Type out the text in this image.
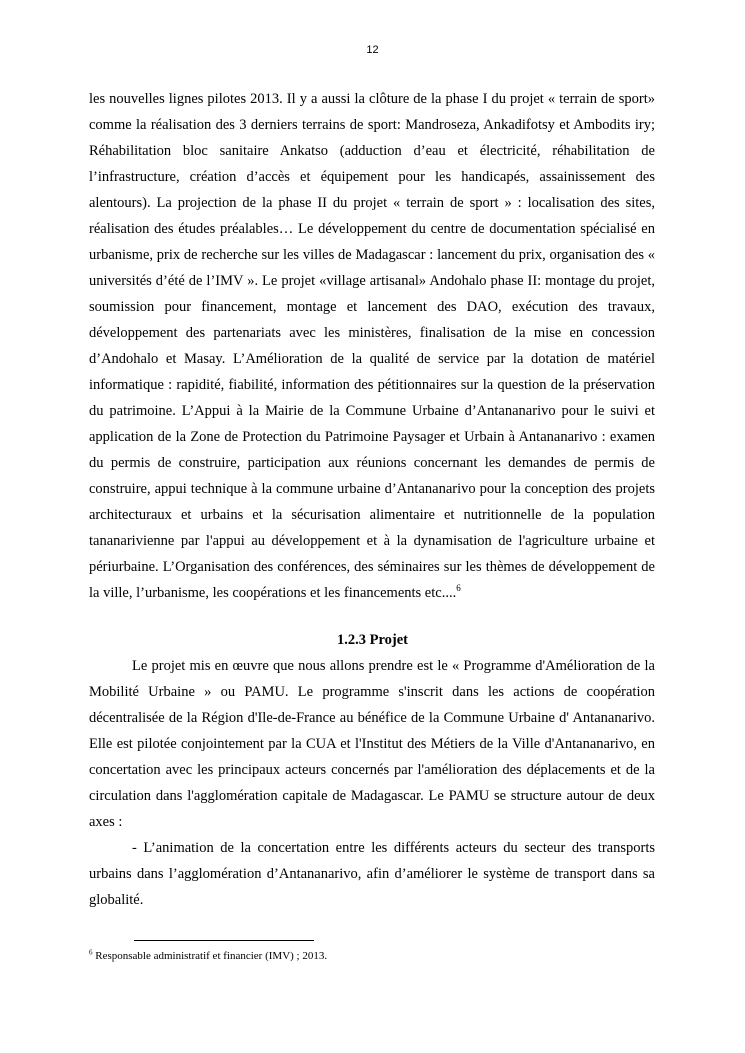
12

les nouvelles lignes pilotes 2013. Il y a aussi la clôture de la phase I du projet « terrain de sport» comme la réalisation des 3 derniers terrains de sport: Mandroseza, Ankadifotsy et Ambodits iry; Réhabilitation bloc sanitaire Ankatso (adduction d’eau et électricité, réhabilitation de l’infrastructure, création d’accès et équipement pour les handicapés, assainissement des alentours). La projection de la phase II du projet « terrain de sport » : localisation des sites, réalisation des études préalables… Le développement du centre de documentation spécialisé en urbanisme, prix de recherche sur les villes de Madagascar : lancement du prix, organisation des « universités d’été de l’IMV ». Le projet «village artisanal» Andohalo phase II: montage du projet, soumission pour financement, montage et lancement des DAO, exécution des travaux, développement des partenariats avec les ministères, finalisation de la mise en concession d’Andohalo et Masay. L’Amélioration de la qualité de service par la dotation de matériel informatique : rapidité, fiabilité, information des pétitionnaires sur la question de la préservation du patrimoine. L’Appui à la Mairie de la Commune Urbaine d’Antananarivo pour le suivi et application de la Zone de Protection du Patrimoine Paysager et Urbain à Antananarivo : examen du permis de construire, participation aux réunions concernant les demandes de permis de construire, appui technique à la commune urbaine d’Antananarivo pour la conception des projets architecturaux et urbains et la sécurisation alimentaire et nutritionnelle de la population tananarivienne par l'appui au développement et à la dynamisation de l'agriculture urbaine et périurbaine. L’Organisation des conférences, des séminaires sur les thèmes de développement de la ville, l’urbanisme, les coopérations et les financements etc....$^6$

1.2.3 Projet

Le projet mis en œuvre que nous allons prendre est le « Programme d'Amélioration de la Mobilité Urbaine » ou PAMU. Le programme s'inscrit dans les actions de coopération décentralisée de la Région d'Ile-de-France au bénéfice de la Commune Urbaine d' Antananarivo. Elle est pilotée conjointement par la CUA et l'Institut des Métiers de la Ville d'Antananarivo, en concertation avec les principaux acteurs concernés par l'amélioration des déplacements et de la circulation dans l'agglomération capitale de Madagascar. Le PAMU se structure autour de deux axes :

- L’animation de la concertation entre les différents acteurs du secteur des transports urbains dans l’agglomération d’Antananarivo, afin d’améliorer le système de transport dans sa globalité.

$^6$ Responsable administratif et financier (IMV) ; 2013.
